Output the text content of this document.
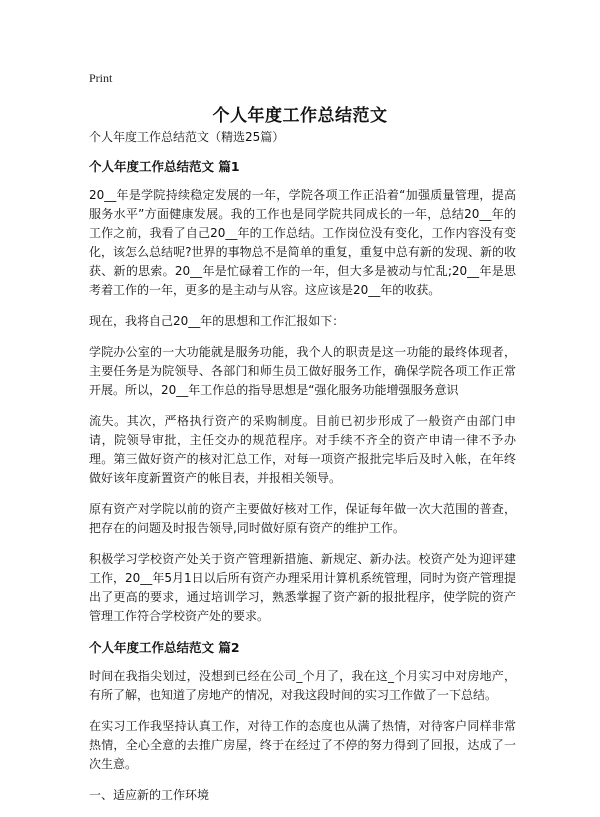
Print
个人年度工作总结范文

个人年度工作总结范文（精选25篇）

个人年度工作总结范文 篇1

20__年是学院持续稳定发展的一年，学院各项工作正沿着“加强质量管理，提高服务水平”方面健康发展。我的工作也是同学院共同成长的一年，总结20__年的工作之前，我看了自己20__年的工作总结。工作岗位没有变化，工作内容没有变化，该怎么总结呢?世界的事物总不是简单的重复，重复中总有新的发现、新的收获、新的思索。20__年是忙碌着工作的一年，但大多是被动与忙乱;20__年是思考着工作的一年，更多的是主动与从容。这应该是20__年的收获。

现在，我将自己20__年的思想和工作汇报如下：

学院办公室的一大功能就是服务功能，我个人的职责是这一功能的最终体现者，主要任务是为院领导、各部门和师生员工做好服务工作，确保学院各项工作正常开展。所以，20__年工作总的指导思想是“强化服务功能增强服务意识

流失。其次，严格执行资产的采购制度。目前已初步形成了一般资产由部门申请，院领导审批，主任交办的规范程序。对手续不齐全的资产申请一律不予办理。第三做好资产的核对汇总工作，对每一项资产报批完毕后及时入帐，在年终做好该年度新置资产的帐目表，并报相关领导。

原有资产对学院以前的资产主要做好核对工作，保证每年做一次大范围的普查，把存在的问题及时报告领导,同时做好原有资产的维护工作。

积极学习学校资产处关于资产管理新措施、新规定、新办法。校资产处为迎评建工作，20__年5月1日以后所有资产办理采用计算机系统管理，同时为资产管理提出了更高的要求，通过培训学习，熟悉掌握了资产新的报批程序，使学院的资产管理工作符合学校资产处的要求。

个人年度工作总结范文 篇2

时间在我指尖划过，没想到已经在公司_个月了，我在这_个月实习中对房地产，有所了解，也知道了房地产的情况，对我这段时间的实习工作做了一下总结。

在实习工作我坚持认真工作，对待工作的态度也从满了热情，对待客户同样非常热情，全心全意的去推广房屋，终于在经过了不停的努力得到了回报，达成了一次生意。

一、适应新的工作环境
